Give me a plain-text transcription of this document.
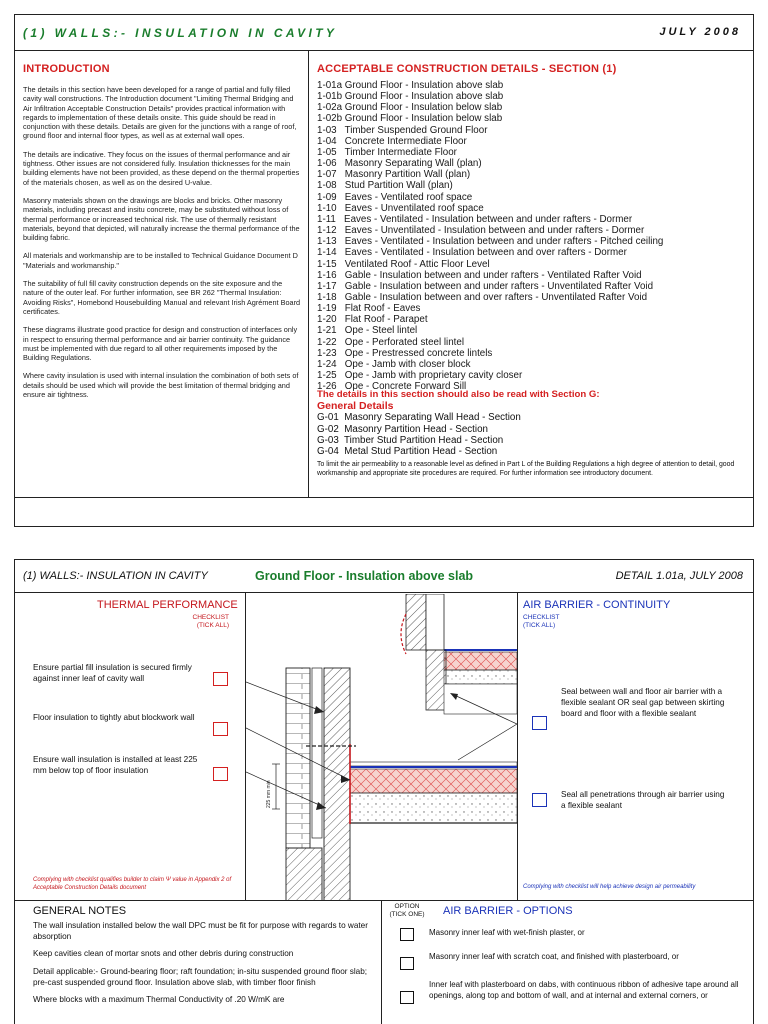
(1) WALLS:- INSULATION IN CAVITY	JULY 2008
INTRODUCTION
The details in this section have been developed for a range of partial and fully filled cavity wall constructions. The Introduction document "Limiting Thermal Bridging and Air Infiltration Acceptable Construction Details" provides practical information with regards to implementation of these details onsite. This guide should be read in conjunction with these details. Details are given for the junctions with a range of roof, ground floor and internal floor types, as well as at external wall opes.
The details are indicative. They focus on the issues of thermal performance and air tightness. Other issues are not considered fully. Insulation thicknesses for the main building elements have not been provided, as these depend on the thermal properties of the materials chosen, as well as on the desired U-value.
Masonry materials shown on the drawings are blocks and bricks. Other masonry materials, including precast and insitu concrete, may be substituted without loss of thermal performance or increased technical risk. The use of thermally resistant materials, beyond that depicted, will naturally increase the thermal performance of the building fabric.
All materials and workmanship are to be installed to Technical Guidance Document D "Materials and workmanship."
The suitability of full fill cavity construction depends on the site exposure and the nature of the outer leaf. For further information, see BR 262 "Thermal Insulation: Avoiding Risks", Homebond Housebuilding Manual and relevant Irish Agrément Board certificates.
These diagrams illustrate good practice for design and construction of interfaces only in respect to ensuring thermal performance and air barrier continuity. The guidance must be implemented with due regard to all other requirements imposed by the Building Regulations.
Where cavity insulation is used with internal insulation the combination of both sets of details should be used which will provide the best limitation of thermal bridging and ensure air tightness.
ACCEPTABLE CONSTRUCTION DETAILS - SECTION (1)
1-01a Ground Floor - Insulation above slab
1-01b Ground Floor - Insulation above slab
1-02a Ground Floor - Insulation below slab
1-02b Ground Floor - Insulation below slab
1-03   Timber Suspended Ground Floor
1-04   Concrete Intermediate Floor
1-05   Timber Intermediate Floor
1-06   Masonry Separating Wall (plan)
1-07   Masonry Partition Wall (plan)
1-08   Stud Partition Wall (plan)
1-09   Eaves - Ventilated roof space
1-10   Eaves - Unventilated roof space
1-11   Eaves - Ventilated - Insulation between and under rafters - Dormer
1-12   Eaves - Unventilated - Insulation between and under rafters - Dormer
1-13   Eaves - Ventilated - Insulation between and under rafters - Pitched ceiling
1-14   Eaves - Ventilated - Insulation between and over rafters - Dormer
1-15   Ventilated Roof - Attic Floor Level
1-16   Gable - Insulation between and under rafters - Ventilated Rafter Void
1-17   Gable - Insulation between and under rafters - Unventilated Rafter Void
1-18   Gable - Insulation between and over rafters - Unventilated Rafter Void
1-19   Flat Roof - Eaves
1-20   Flat Roof - Parapet
1-21   Ope - Steel lintel
1-22   Ope - Perforated steel lintel
1-23   Ope - Prestressed concrete lintels
1-24   Ope - Jamb with closer block
1-25   Ope - Jamb with proprietary cavity closer
1-26   Ope - Concrete Forward Sill
The details in this section should also be read with Section G:
General Details
G-01  Masonry Separating Wall Head - Section
G-02  Masonry Partition Head - Section
G-03  Timber Stud Partition Head - Section
G-04  Metal Stud Partition Head - Section
To limit the air permeability to a reasonable level as defined in Part L of the Building Regulations a high degree of attention to detail, good workmanship and appropriate site procedures are required. For further information see introductory document.
(1) WALLS:- INSULATION IN CAVITY	Ground Floor - Insulation above slab	DETAIL 1.01a, JULY 2008
THERMAL PERFORMANCE
CHECKLIST
(TICK ALL)
Ensure partial fill insulation is secured firmly against inner leaf of cavity wall
Floor insulation to tightly abut blockwork wall
Ensure wall insulation is installed at least 225 mm below top of floor insulation
Complying with checklist qualifies builder to claim Ψ value in Appendix 2 of Acceptable Construction Details document
225 mm min
AIR BARRIER - CONTINUITY
CHECKLIST
(TICK ALL)
Seal between wall and floor air barrier with a flexible sealant OR seal gap between skirting board and floor with a flexible sealant
Seal all penetrations through air barrier using a flexible sealant
Complying with checklist will help achieve design air permeability
GENERAL NOTES
The wall insulation installed below the wall DPC must be fit for purpose with regards to water absorption
Keep cavities clean of mortar snots and other debris during construction
Detail applicable:- Ground-bearing floor; raft foundation; in-situ suspended ground floor slab; pre-cast suspended ground floor. Insulation above slab, with timber floor finish
Where blocks with a maximum Thermal Conductivity of .20 W/mK are
OPTION
(TICK ONE) AIR BARRIER - OPTIONS
Masonry inner leaf with wet-finish plaster, or
Masonry inner leaf with scratch coat, and finished with plasterboard, or
Inner leaf with plasterboard on dabs, with continuous ribbon of adhesive tape around all openings, along top and bottom of wall, and at internal and external corners, or
